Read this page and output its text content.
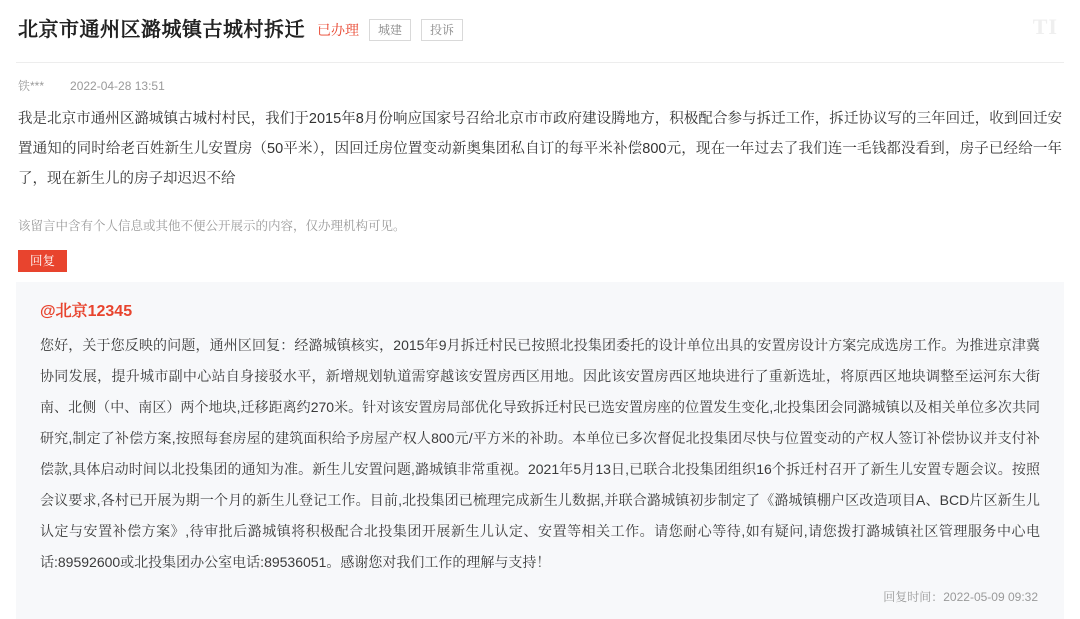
北京市通州区潞城镇古城村拆迁 已办理	城建	投诉	TI
铁*** 2022-04-28 13:51
我是北京市通州区潞城镇古城村村民，我们于2015年8月份响应国家号召给北京市市政府建设腾地方，积极配合参与拆迁工作，拆迁协议写的三年回迁，收到回迁安置通知的同时给老百姓新生儿安置房（50平米），因回迁房位置变动新奥集团私自订的每平米补偿800元，现在一年过去了我们连一毛钱都没看到，房子已经给一年了，现在新生儿的房子却迟迟不给
该留言中含有个人信息或其他不便公开展示的内容，仅办理机构可见。
回复
@北京12345
您好，关于您反映的问题，通州区回复：经潞城镇核实，2015年9月拆迁村民已按照北投集团委托的设计单位出具的安置房设计方案完成选房工作。为推进京津冀协同发展，提升城市副中心站自身接驳水平，新增规划轨道需穿越该安置房西区用地。因此该安置房西区地块进行了重新选址，将原西区地块调整至运河东大街南、北侧（中、南区）两个地块,迁移距离约270米。针对该安置房局部优化导致拆迁村民已选安置房座的位置发生变化,北投集团会同潞城镇以及相关单位多次共同研究,制定了补偿方案,按照每套房屋的建筑面积给予房屋产权人800元/平方米的补助。本单位已多次督促北投集团尽快与位置变动的产权人签订补偿协议并支付补偿款,具体启动时间以北投集团的通知为准。新生儿安置问题,潞城镇非常重视。2021年5月13日,已联合北投集团组织16个拆迁村召开了新生儿安置专题会议。按照会议要求,各村已开展为期一个月的新生儿登记工作。目前,北投集团已梳理完成新生儿数据,并联合潞城镇初步制定了《潞城镇棚户区改造项目A、BCD片区新生儿认定与安置补偿方案》,待审批后潞城镇将积极配合北投集团开展新生儿认定、安置等相关工作。请您耐心等待,如有疑问,请您拨打潞城镇社区管理服务中心电话:89592600或北投集团办公室电话:89536051。感谢您对我们工作的理解与支持！
回复时间：2022-05-09 09:32
